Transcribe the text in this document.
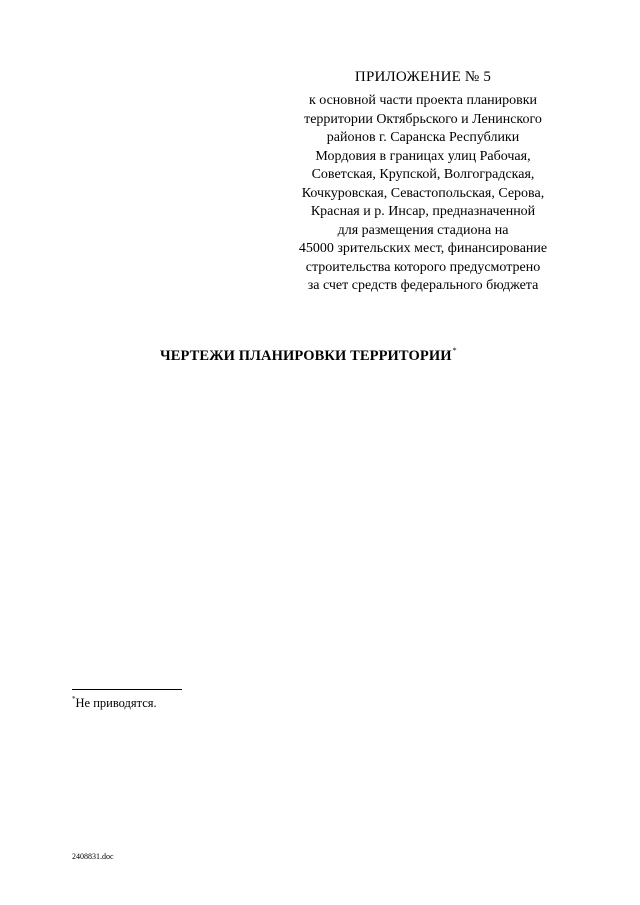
ПРИЛОЖЕНИЕ № 5

к основной части проекта планировки
территории Октябрьского и Ленинского
районов г. Саранска Республики
Мордовия в границах улиц Рабочая,
Советская, Крупской, Волгоградская,
Кочкуровская, Севастопольская, Серова,
Красная и р. Инсар, предназначенной
для размещения стадиона на
45000 зрительских мест, финансирование
строительства которого предусмотрено
за счет средств федерального бюджета
ЧЕРТЕЖИ ПЛАНИРОВКИ ТЕРРИТОРИИ*
*Не приводятся.
2408831.doc
